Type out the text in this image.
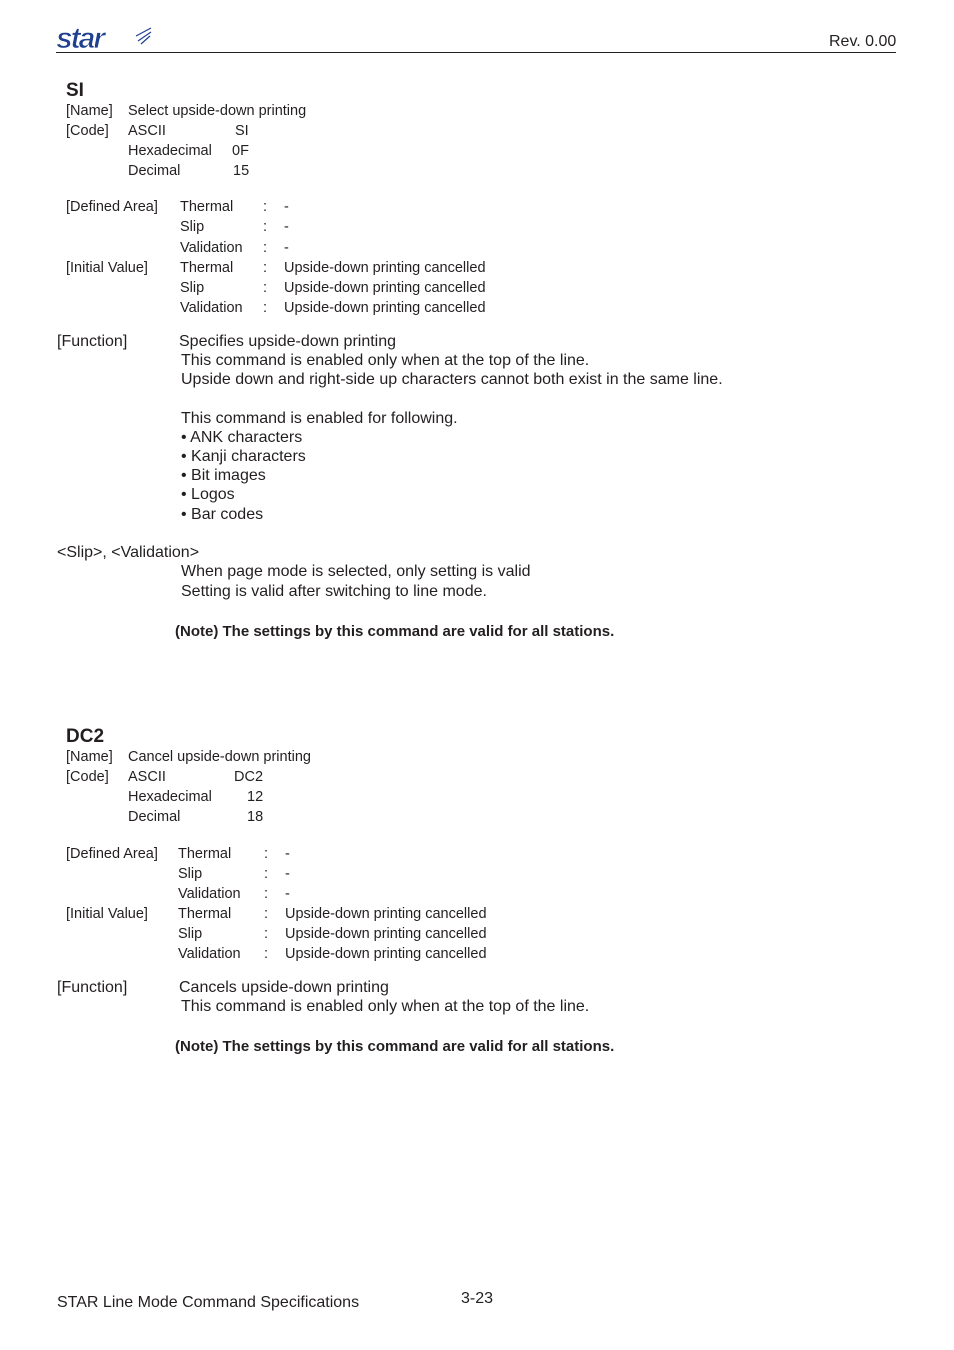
star	Rev. 0.00
SI
[Name] Select upside-down printing
[Code] ASCII	SI
Hexadecimal 0F
Decimal	15
[Defined Area] Thermal : -
Slip	: -
Validation : -
[Initial Value] Thermal : Upside-down printing cancelled
Slip	: Upside-down printing cancelled
Validation : Upside-down printing cancelled
[Function]	Specifies upside-down printing
This command is enabled only when at the top of the line.
Upside down and right-side up characters cannot both exist in the same line.
This command is enabled for following.
• ANK characters
• Kanji characters
• Bit images
• Logos
• Bar codes
<Slip>, <Validation>
When page mode is selected, only setting is valid
Setting is valid after switching to line mode.
(Note) The settings by this command are valid for all stations.
DC2
[Name] Cancel upside-down printing
[Code] ASCII	DC2
Hexadecimal 12
Decimal	18
[Defined Area] Thermal : -
Slip	: -
Validation : -
[Initial Value] Thermal : Upside-down printing cancelled
Slip	: Upside-down printing cancelled
Validation : Upside-down printing cancelled
[Function]	Cancels upside-down printing
This command is enabled only when at the top of the line.
(Note) The settings by this command are valid for all stations.
STAR Line Mode Command Specifications	3-23
